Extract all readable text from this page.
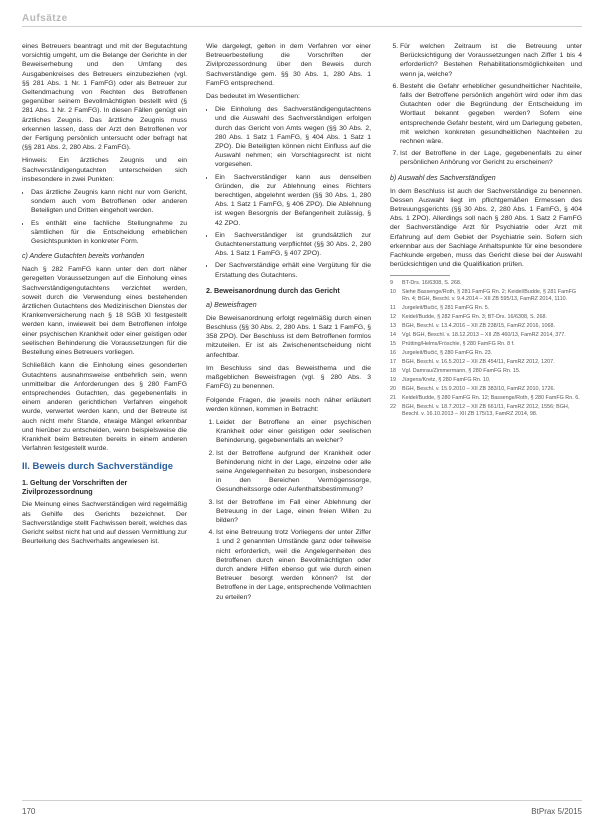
Aufsätze

eines Betreuers beantragt und mit der Begutachtung vorsichtig umgeht, um die Belange der Gerichte in der Beweiserhebung und den Umfang des Ausgabenkreises des Betreuers einzubeziehen (vgl. §§ 281 Abs. 1 Nr. 1 FamFG) oder als Betreuer zur Geltendmachung von Rechten des Betroffenen gegenüber seinem Bevollmächtigten bestellt wird (§ 281 Abs. 1 Nr. 2 FamFG). In diesen Fällen genügt ein ärztliches Zeugnis. Das ärztliche Zeugnis muss erkennen lassen, dass der Arzt den Betroffenen vor der Fertigung persönlich untersucht oder befragt hat (§§ 281 Abs. 2, 280 Abs. 2 FamFG).

Hinweis: Ein ärztliches Zeugnis und ein Sachverständigengutachten unterscheiden sich insbesondere in zwei Punkten:

• Das ärztliche Zeugnis kann nicht nur vom Gericht, sondern auch vom Betroffenen oder anderen Beteiligten und Dritten eingeholt werden.
• Es enthält eine fachliche Stellungnahme zu sämtlichen für die Entscheidung erheblichen Gesichtspunkten in konkreter Form.
c) Andere Gutachten bereits vorhanden

Nach § 282 FamFG kann unter den dort näher geregelten Voraussetzungen auf die Einholung eines Sachverständigengutachtens verzichtet werden, soweit durch die Verwendung eines bestehenden ärztlichen Gutachtens des Medizinischen Dienstes der Krankenversicherung nach § 18 SGB XI festgestellt werden kann, inwieweit bei dem Betroffenen infolge einer psychischen Krankheit oder einer geistigen oder seelischen Behinderung die Voraussetzungen für die Bestellung eines Betreuers vorliegen.

Schließlich kann die Einholung eines gesonderten Gutachtens ausnahmsweise entbehrlich sein, wenn unmittelbar die Anforderungen des § 280 FamFG entsprechendes Gutachten, das gegebenenfalls in einem anderen gerichtlichen Verfahren eingeholt wurde, verwertet werden kann, und der Betreute ist auch nicht mehr Stande, etwaige Mängel erkennbar und hierüber zu entscheiden, wenn beispielsweise die Krankheit beim Betreuten bereits in einem anderen Verfahren festgestellt wurde.

II. Beweis durch Sachverständige
1. Geltung der Vorschriften der Zivilprozessordnung

Die Meinung eines Sachverständigen wird regelmäßig als Gehilfe des Gerichts bezeichnet. Der Sachverständige stellt Fachwissen bereit, welches das Gericht selbst nicht hat und auf dessen Vermittlung zur Beurteilung des Sachverhalts angewiesen ist.

Wie dargelegt, gelten in dem Verfahren vor einer Betreuerbestellung die Vorschriften der Zivilprozessordnung über den Beweis durch Sachverständige gem. §§ 30 Abs. 1, 280 Abs. 1 FamFG entsprechend.

Das bedeutet im Wesentlichen:

• Die Einholung des Sachverständigengutachtens und die Auswahl des Sachverständigen erfolgen durch das Gericht von Amts wegen (§§ 30 Abs. 2, 280 Abs. 1 Satz 1 FamFG, § 404 Abs. 1 Satz 1 ZPO). Die Beteiligten können nicht Einfluss auf die Auswahl nehmen; ein Vorschlagsrecht ist nicht vorgesehen.
• Ein Sachverständiger kann aus denselben Gründen, die zur Ablehnung eines Richters berechtigen, abgelehnt werden (§§ 30 Abs. 1, 280 Abs. 1 Satz 1 FamFG, § 406 ZPO). Die Ablehnung ist wegen Besorgnis der Befangenheit zulässig, § 42 ZPO.
• Ein Sachverständiger ist grundsätzlich zur Gutachtenerstattung verpflichtet (§§ 30 Abs. 2, 280 Abs. 1 Satz 1 FamFG, § 407 ZPO).
• Der Sachverständige erhält eine Vergütung für die Erstattung des Gutachtens.
2. Beweisanordnung durch das Gericht
a) Beweisfragen

Die Beweisanordnung erfolgt regelmäßig durch einen Beschluss (§§ 30 Abs. 2, 280 Abs. 1 Satz 1 FamFG, § 358 ZPO). Der Beschluss ist dem Betroffenen formlos mitzuteilen. Er ist als Zwischenentscheidung nicht anfechtbar.

Im Beschluss sind das Beweisthema und die maßgeblichen Beweisfragen (vgl. § 280 Abs. 3 FamFG) zu benennen.

Folgende Fragen, die jeweils noch näher erläutert werden können, kommen in Betracht:

1. Leidet der Betroffene an einer psychischen Krankheit oder einer geistigen oder seelischen Behinderung, gegebenenfalls an welcher?
2. Ist der Betroffene aufgrund der Krankheit oder Behinderung nicht in der Lage, einzelne oder alle seine Angelegenheiten zu besorgen, insbesondere in den Bereichen Vermögenssorge, Gesundheitssorge oder Aufenthaltsbestimmung?
3. Ist der Betroffene im Fall einer Ablehnung der Betreuung in der Lage, einen freien Willen zu bilden?
4. Ist eine Betreuung trotz Vorliegens der unter Ziffer 1 und 2 genannten Umstände ganz oder teilweise nicht erforderlich, weil die Angelegenheiten des Betroffenen durch einen Bevollmächtigten oder durch andere Hilfen ebenso gut wie durch einen Betreuer besorgt werden können? Ist der Betroffene in der Lage, entsprechende Vollmachten zu erteilen?
5. Für welchen Zeitraum ist die Betreuung unter Berücksichtigung der Voraussetzungen nach Ziffer 1 bis 4 erforderlich? Bestehen Rehabilitationsmöglichkeiten und wenn ja, welche?
6. Besteht die Gefahr erheblicher gesundheitlicher Nachteile, falls der Betroffene persönlich angehört wird oder ihm das Gutachten oder die Begründung der Entscheidung im Wortlaut bekannt gegeben werden? Sofern eine entsprechende Gefahr besteht, wird um Darlegung gebeten, mit welchen konkreten gesundheitlichen Nachteilen zu rechnen wäre.
7. Ist der Betroffene in der Lage, gegebenenfalls zu einer persönlichen Anhörung vor Gericht zu erscheinen?
b) Auswahl des Sachverständigen

In dem Beschluss ist auch der Sachverständige zu benennen. Dessen Auswahl liegt im pflichtgemäßen Ermessen des Betreuungsgerichts (§§ 30 Abs. 2, 280 Abs. 1 FamFG, § 404 Abs. 1 ZPO). Allerdings soll nach § 280 Abs. 1 Satz 2 FamFG der Sachverständige Arzt für Psychiatrie oder Arzt mit Erfahrung auf dem Gebiet der Psychiatrie sein. Sofern sich erkennbar aus der Sachlage Anhaltspunkte für eine besondere Fachkunde ergeben, muss das Gericht diese bei der Auswahl berücksichtigen und die Qualifikation prüfen.

9	BT-Drs. 16/6308, S. 268.
10	Siehe Bassenge/Roth, § 281 FamFG Rn. 2; Keidel/Budde, § 281 FamFG Rn. 4; BGH, Beschl. v. 9.4.2014 – XII ZB 595/13, FamRZ 2014, 1110.
11	Jurgeleit/Bučić, § 281 FamFG Rn. 5.
12	Keidel/Budde, § 282 FamFG Rn. 3; BT-Drs. 16/6308, S. 268.
13	BGH, Beschl. v. 13.4.2016 – XII ZB 238/15, FamRZ 2016, 1068.
14	Vgl. BGH, Beschl. v. 18.12.2013 – XII ZB 460/13, FamRZ 2014, 377.
15	Prütting/Helms/Fröschle, § 280 FamFG Rn. 8 f.
16	Jurgeleit/Bučić, § 280 FamFG Rn. 23.
17	BGH, Beschl. v. 16.5.2012 – XII ZB 454/11, FamRZ 2012, 1207.
18	Vgl. Damrau/Zimmermann, § 280 FamFG Rn. 15.
19	Jürgens/Kretz, § 280 FamFG Rn. 10.
20	BGH, Beschl. v. 15.9.2010 – XII ZB 383/10, FamRZ 2010, 1726.
21	Keidel/Budde, § 280 FamFG Rn. 12; Bassenge/Roth, § 280 FamFG Rn. 6.
22	BGH, Beschl. v. 18.7.2012 – XII ZB 661/11, FamRZ 2012, 1556; BGH, Beschl. v. 16.10.2013 – XII ZB 175/13, FamRZ 2014, 98.
170	BtPrax 5/2015
